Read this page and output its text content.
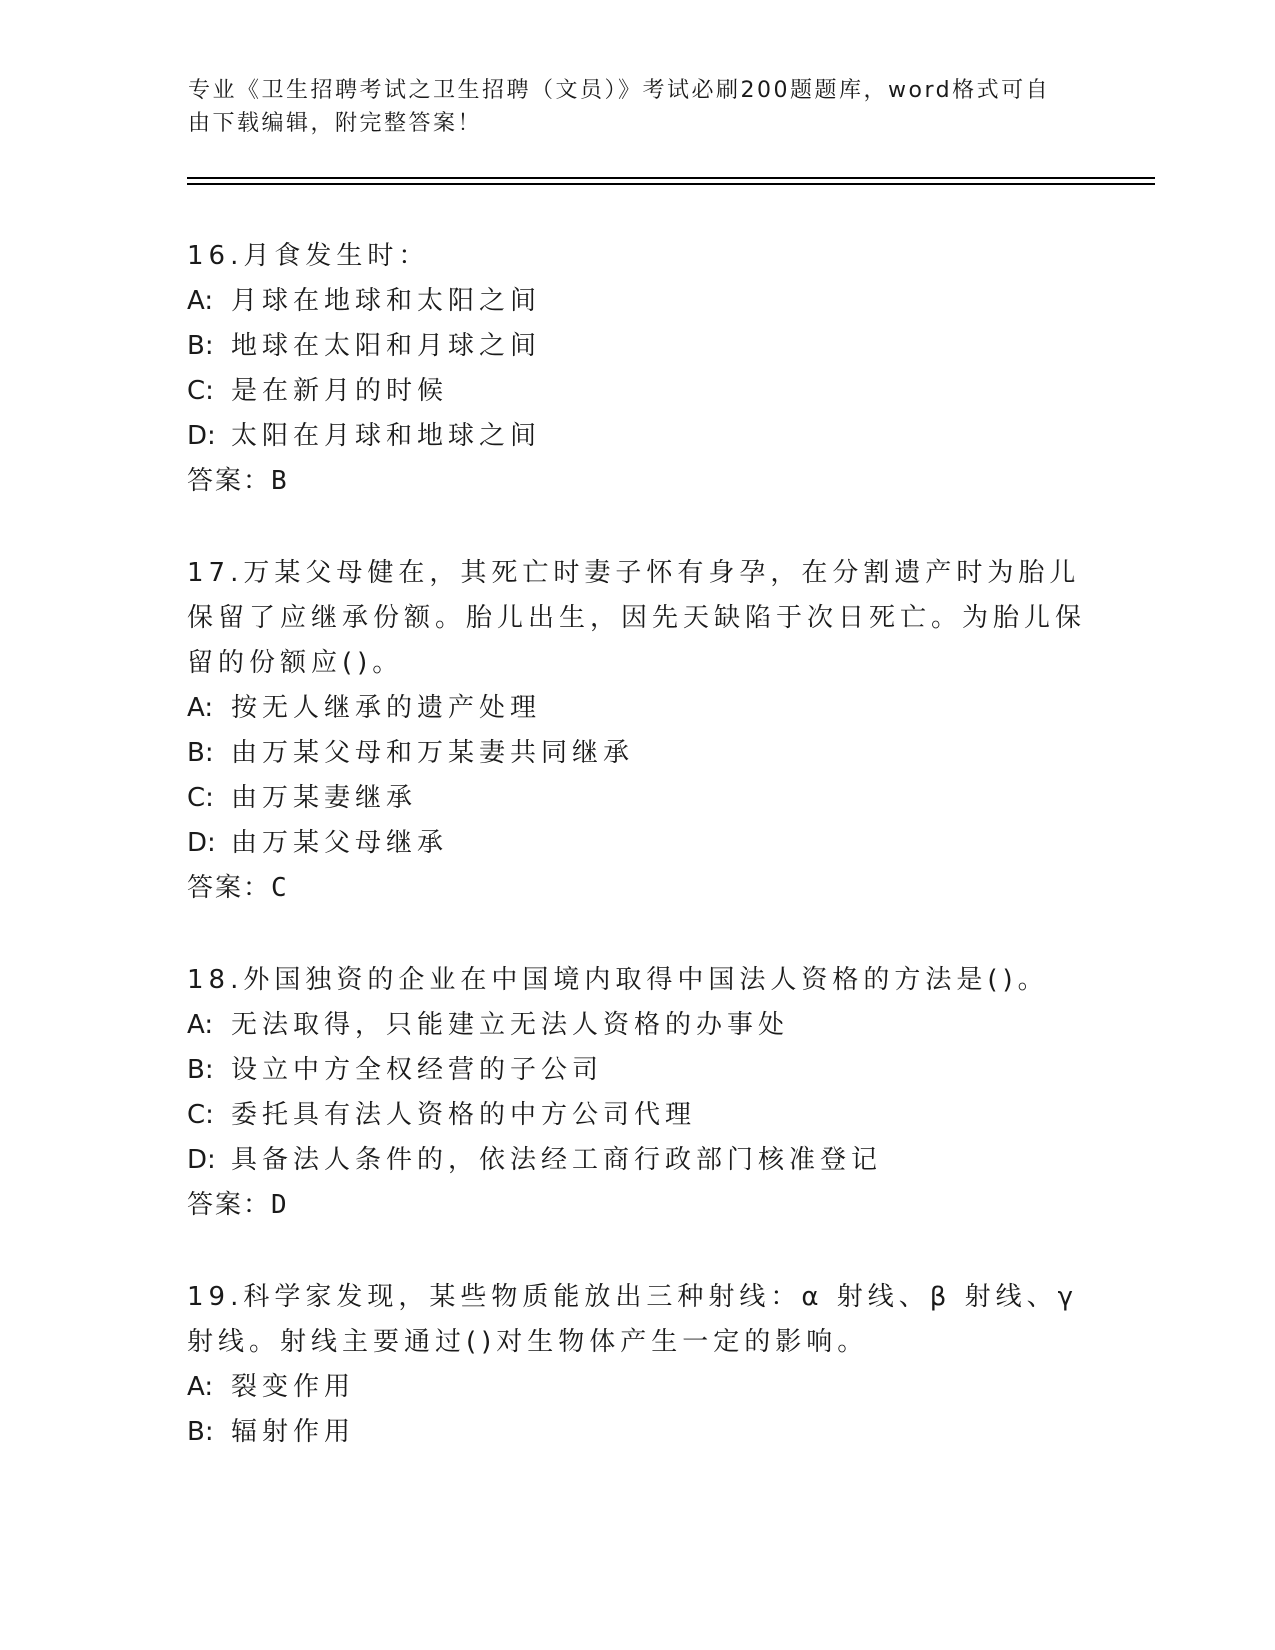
专业《卫生招聘考试之卫生招聘（文员）》考试必刷200题题库，word格式可自由下载编辑，附完整答案！

16.月食发生时：

A: 月球在地球和太阳之间

B: 地球在太阳和月球之间

C: 是在新月的时候

D: 太阳在月球和地球之间

答案：B

17.万某父母健在，其死亡时妻子怀有身孕，在分割遗产时为胎儿保留了应继承份额。胎儿出生，因先天缺陷于次日死亡。为胎儿保留的份额应()。

A: 按无人继承的遗产处理

B: 由万某父母和万某妻共同继承

C: 由万某妻继承

D: 由万某父母继承

答案：C

18.外国独资的企业在中国境内取得中国法人资格的方法是()。

A: 无法取得，只能建立无法人资格的办事处

B: 设立中方全权经营的子公司

C: 委托具有法人资格的中方公司代理

D: 具备法人条件的，依法经工商行政部门核准登记

答案：D

19.科学家发现，某些物质能放出三种射线：α 射线、β 射线、γ 射线。射线主要通过()对生物体产生一定的影响。

A: 裂变作用

B: 辐射作用
